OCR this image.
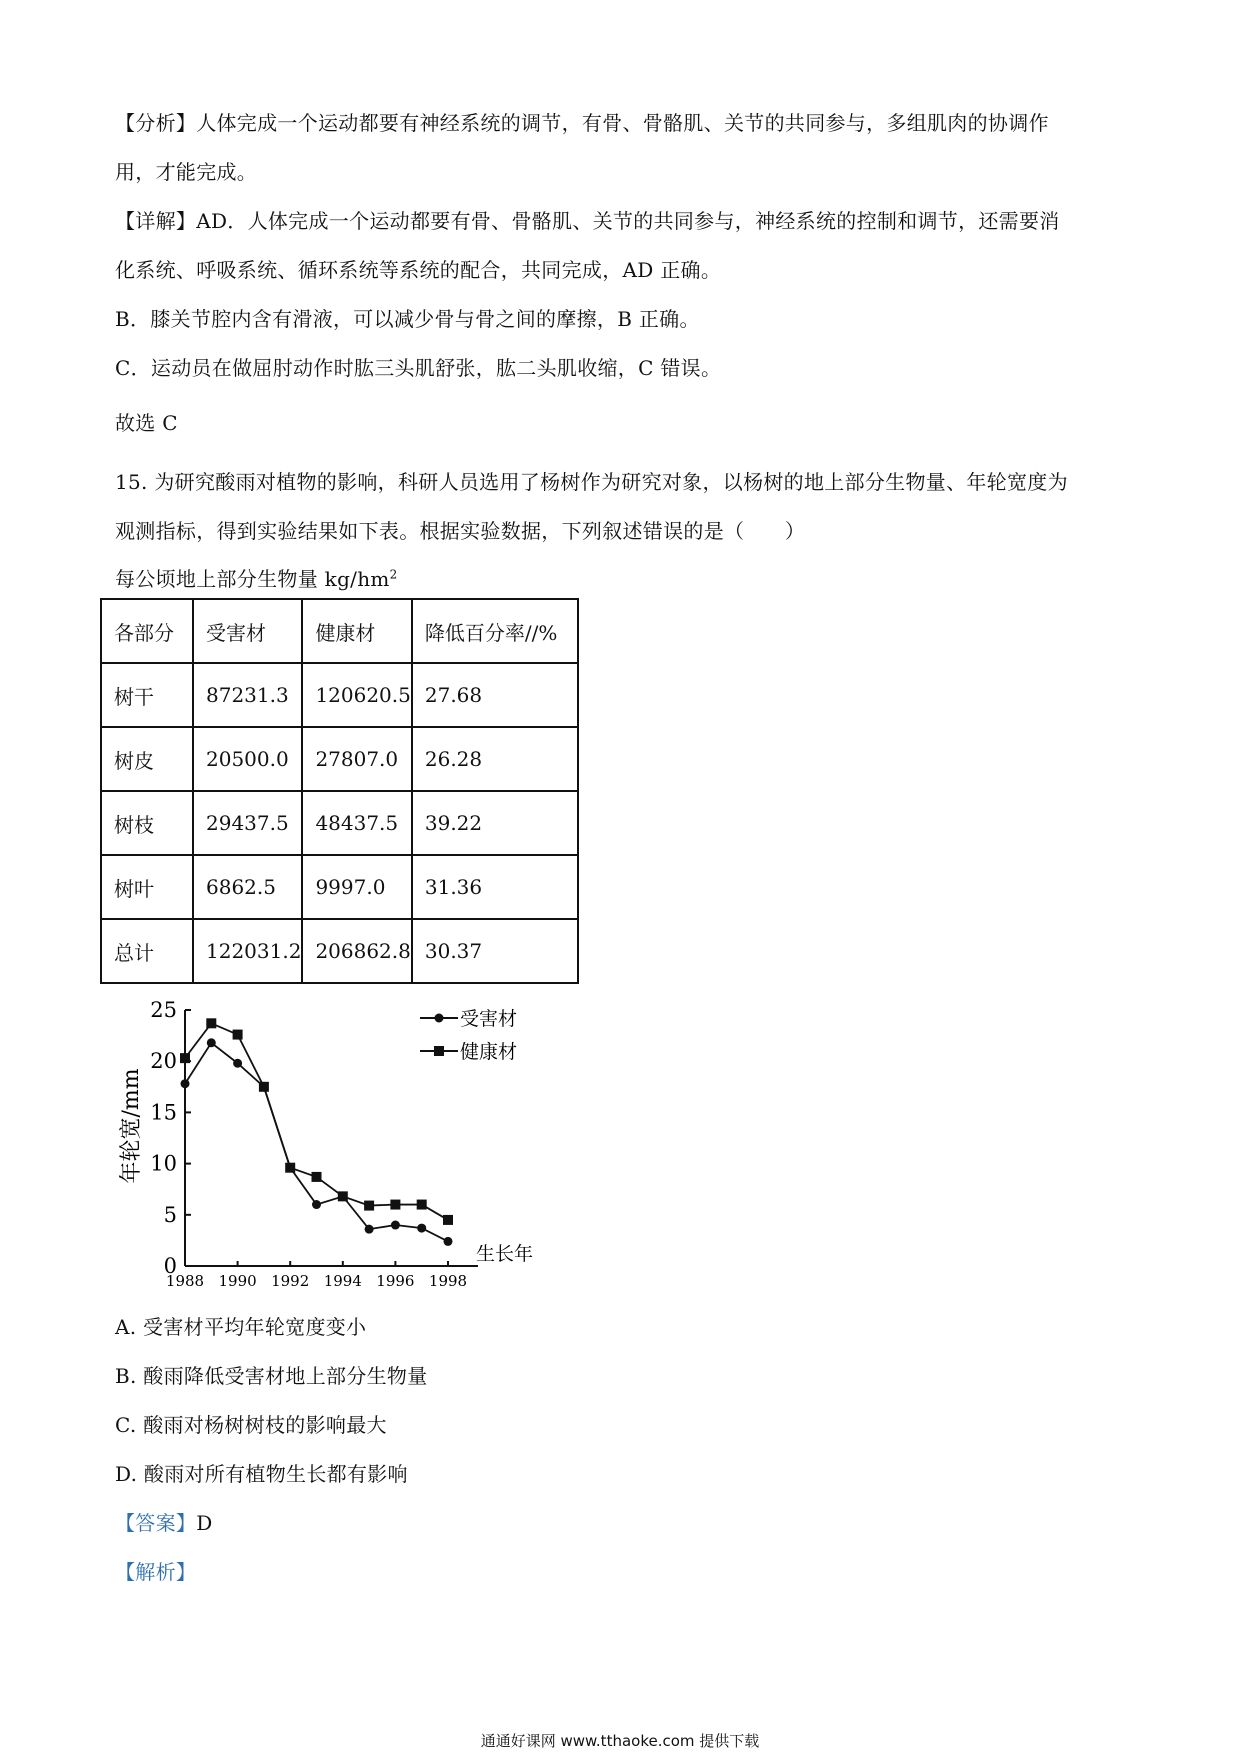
【分析】人体完成一个运动都要有神经系统的调节，有骨、骨骼肌、关节的共同参与，多组肌肉的协调作
用，才能完成。
【详解】AD．人体完成一个运动都要有骨、骨骼肌、关节的共同参与，神经系统的控制和调节，还需要消
化系统、呼吸系统、循环系统等系统的配合，共同完成，AD 正确。
B．膝关节腔内含有滑液，可以减少骨与骨之间的摩擦，B 正确。
C．运动员在做屈肘动作时肱三头肌舒张，肱二头肌收缩，C 错误。
故选 C
15. 为研究酸雨对植物的影响，科研人员选用了杨树作为研究对象，以杨树的地上部分生物量、年轮宽度为
观测指标，得到实验结果如下表。根据实验数据，下列叙述错误的是（　　）
每公顷地上部分生物量 $kg/hm^2$
各部分	受害材	健康材	降低百分率//%
树干	87231.3	120620.5	27.68
树皮	20500.0	27807.0	26.28
树枝	29437.5	48437.5	39.22
树叶	6862.5	9997.0	31.36
总计	122031.2	206862.8	30.37
0
5
10
15
20
25
1988 1990 1992 1994 1996 1998
年轮宽/mm
生长年
受害材
健康材
A. 受害材平均年轮宽度变小
B. 酸雨降低受害材地上部分生物量
C. 酸雨对杨树树枝的影响最大
D. 酸雨对所有植物生长都有影响
【答案】D
【解析】
通通好课网 www.tthaoke.com 提供下载
